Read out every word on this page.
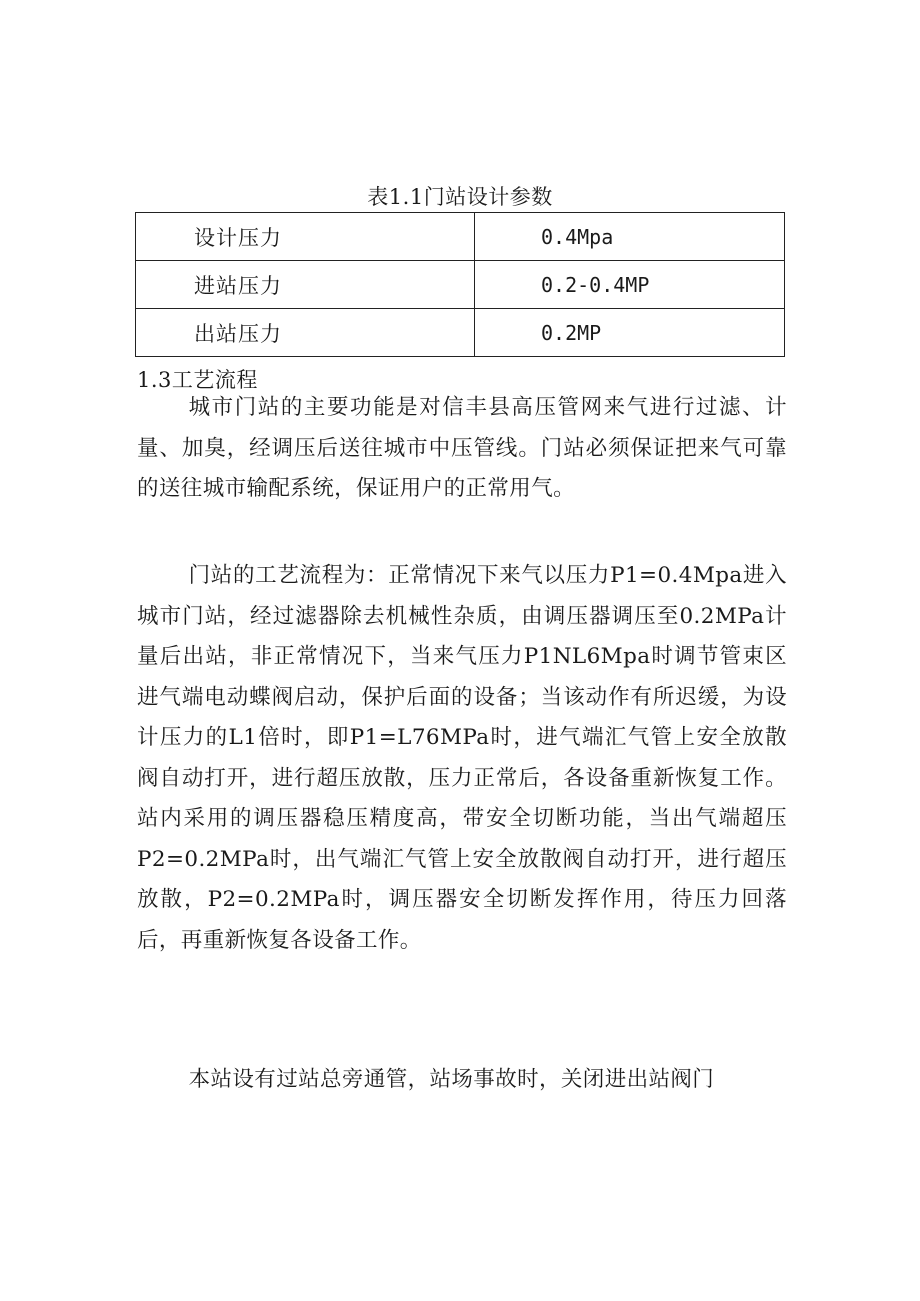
表1.1门站设计参数
设计压力	0.4Mpa
进站压力	0.2-0.4MP
出站压力	0.2MP
1.3工艺流程

城市门站的主要功能是对信丰县高压管网来气进行过滤、计量、加臭，经调压后送往城市中压管线。门站必须保证把来气可靠的送往城市输配系统，保证用户的正常用气。

门站的工艺流程为：正常情况下来气以压力P1=0.4Mpa进入城市门站，经过滤器除去机械性杂质，由调压器调压至0.2MPa计量后出站，非正常情况下，当来气压力P1NL6Mpa时调节管束区进气端电动蝶阀启动，保护后面的设备；当该动作有所迟缓，为设计压力的L1倍时，即P1=L76MPa时，进气端汇气管上安全放散阀自动打开，进行超压放散，压力正常后，各设备重新恢复工作。站内采用的调压器稳压精度高，带安全切断功能，当出气端超压P2=0.2MPa时，出气端汇气管上安全放散阀自动打开，进行超压放散，P2=0.2MPa时，调压器安全切断发挥作用，待压力回落后，再重新恢复各设备工作。

本站设有过站总旁通管，站场事故时，关闭进出站阀门
